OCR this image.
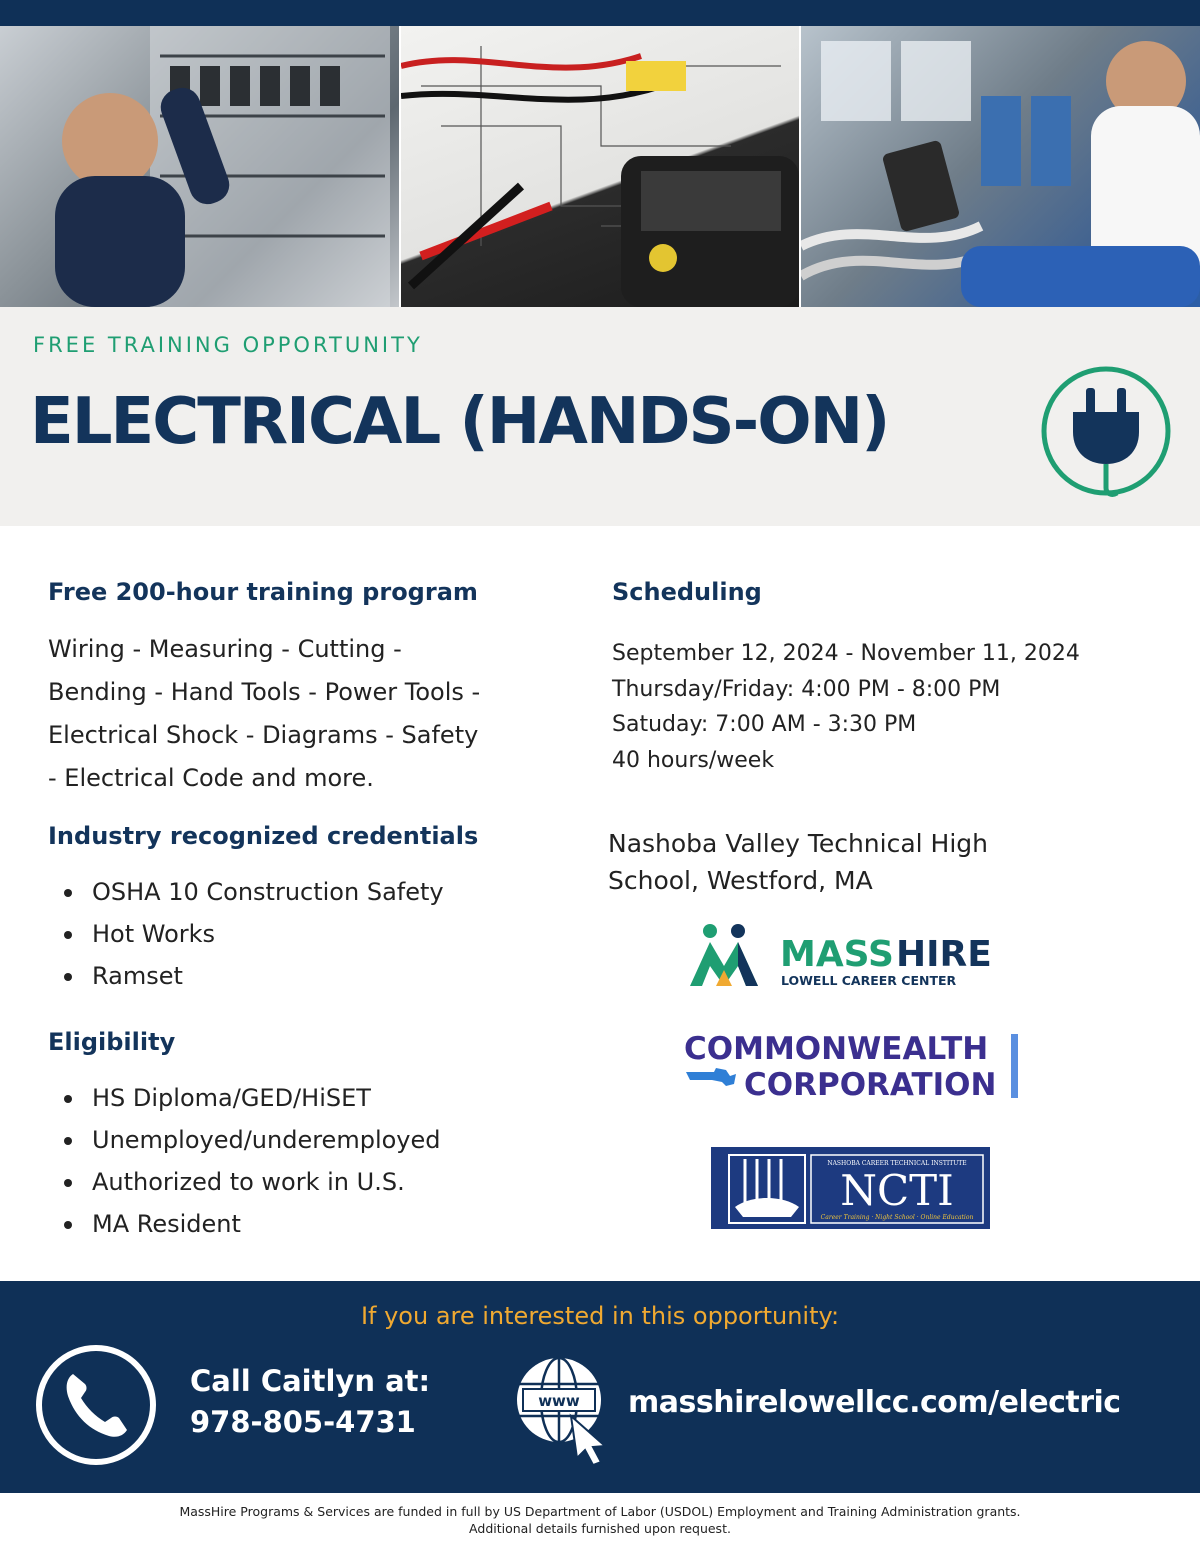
FREE TRAINING OPPORTUNITY
ELECTRICAL (HANDS-ON)
Free 200-hour training program
Wiring - Measuring - Cutting -
Bending - Hand Tools - Power Tools -
Electrical Shock - Diagrams - Safety
- Electrical Code and more.
Industry recognized credentials
OSHA 10 Construction Safety
Hot Works
Ramset
Eligibility
HS Diploma/GED/HiSET
Unemployed/underemployed
Authorized to work in U.S.
MA Resident
Scheduling
September 12, 2024 - November 11, 2024
Thursday/Friday: 4:00 PM - 8:00 PM
Satuday: 7:00 AM - 3:30 PM
40 hours/week
Nashoba Valley Technical High
School, Westford, MA
MASS HIRE
LOWELL CAREER CENTER
COMMONWEALTH
CORPORATION
NASHOBA CAREER TECHNICAL INSTITUTE
NCTI
Career Training · Night School · Online Education
If you are interested in this opportunity:
Call Caitlyn at:
978-805-4731
www masshirelowellcc.com/electric
MassHire Programs & Services are funded in full by US Department of Labor (USDOL) Employment and Training Administration grants.
Additional details furnished upon request.
